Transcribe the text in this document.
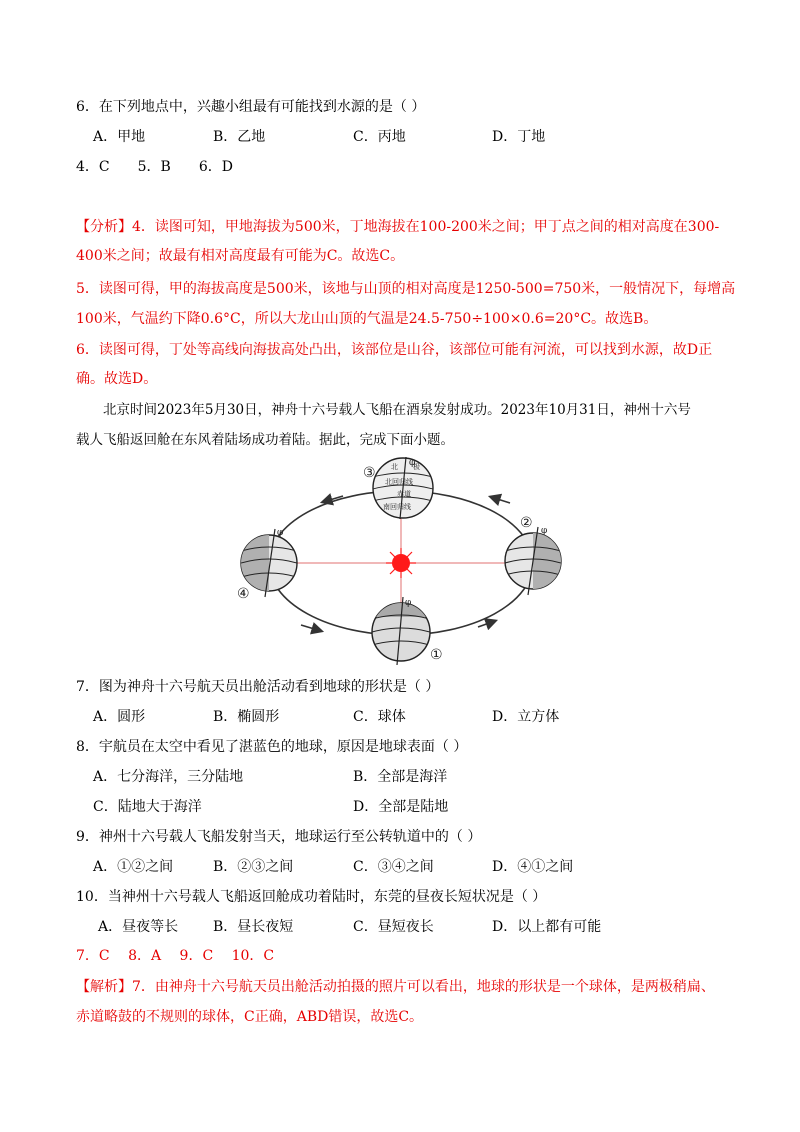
6．在下列地点中，兴趣小组最有可能找到水源的是（ ）
A．甲地	B．乙地	C．丙地	D．丁地
4．C　　5．B　　6．D
【分析】4．读图可知，甲地海拔为500米，丁地海拔在100-200米之间；甲丁点之间的相对高度在300-
400米之间；故最有相对高度最有可能为C。故选C。
5．读图可得，甲的海拔高度是500米，该地与山顶的相对高度是1250-500=750米，一般情况下，每增高
100米，气温约下降0.6°C，所以大龙山山顶的气温是24.5-750÷100×0.6=20°C。故选B。
6．读图可得，丁处等高线向海拔高处凸出，该部位是山谷，该部位可能有河流，可以找到水源，故D正
确。故选D。
北京时间2023年5月30日，神舟十六号载人飞船在酒泉发射成功。2023年10月31日，神州十六号
载人飞船返回舱在东风着陆场成功着陆。据此，完成下面小题。
φ
①
φ
②
φ
北 极
北回归线
赤道
南回归线
③
φ
④
7．图为神舟十六号航天员出舱活动看到地球的形状是（ ）
A．圆形	B．椭圆形	C．球体	D．立方体
8．宇航员在太空中看见了湛蓝色的地球，原因是地球表面（ ）
A．七分海洋，三分陆地	B．全部是海洋
C．陆地大于海洋	D．全部是陆地
9．神州十六号载人飞船发射当天，地球运行至公转轨道中的（ ）
A．①②之间	B．②③之间	C．③④之间	D．④①之间
10．当神州十六号载人飞船返回舱成功着陆时，东莞的昼夜长短状况是（ ）
A．昼夜等长 B．昼长夜短	C．昼短夜长	D．以上都有可能
7．C　 8．A　 9．C　 10．C
【解析】7．由神舟十六号航天员出舱活动拍摄的照片可以看出，地球的形状是一个球体，是两极稍扁、
赤道略鼓的不规则的球体，C正确，ABD错误，故选C。
